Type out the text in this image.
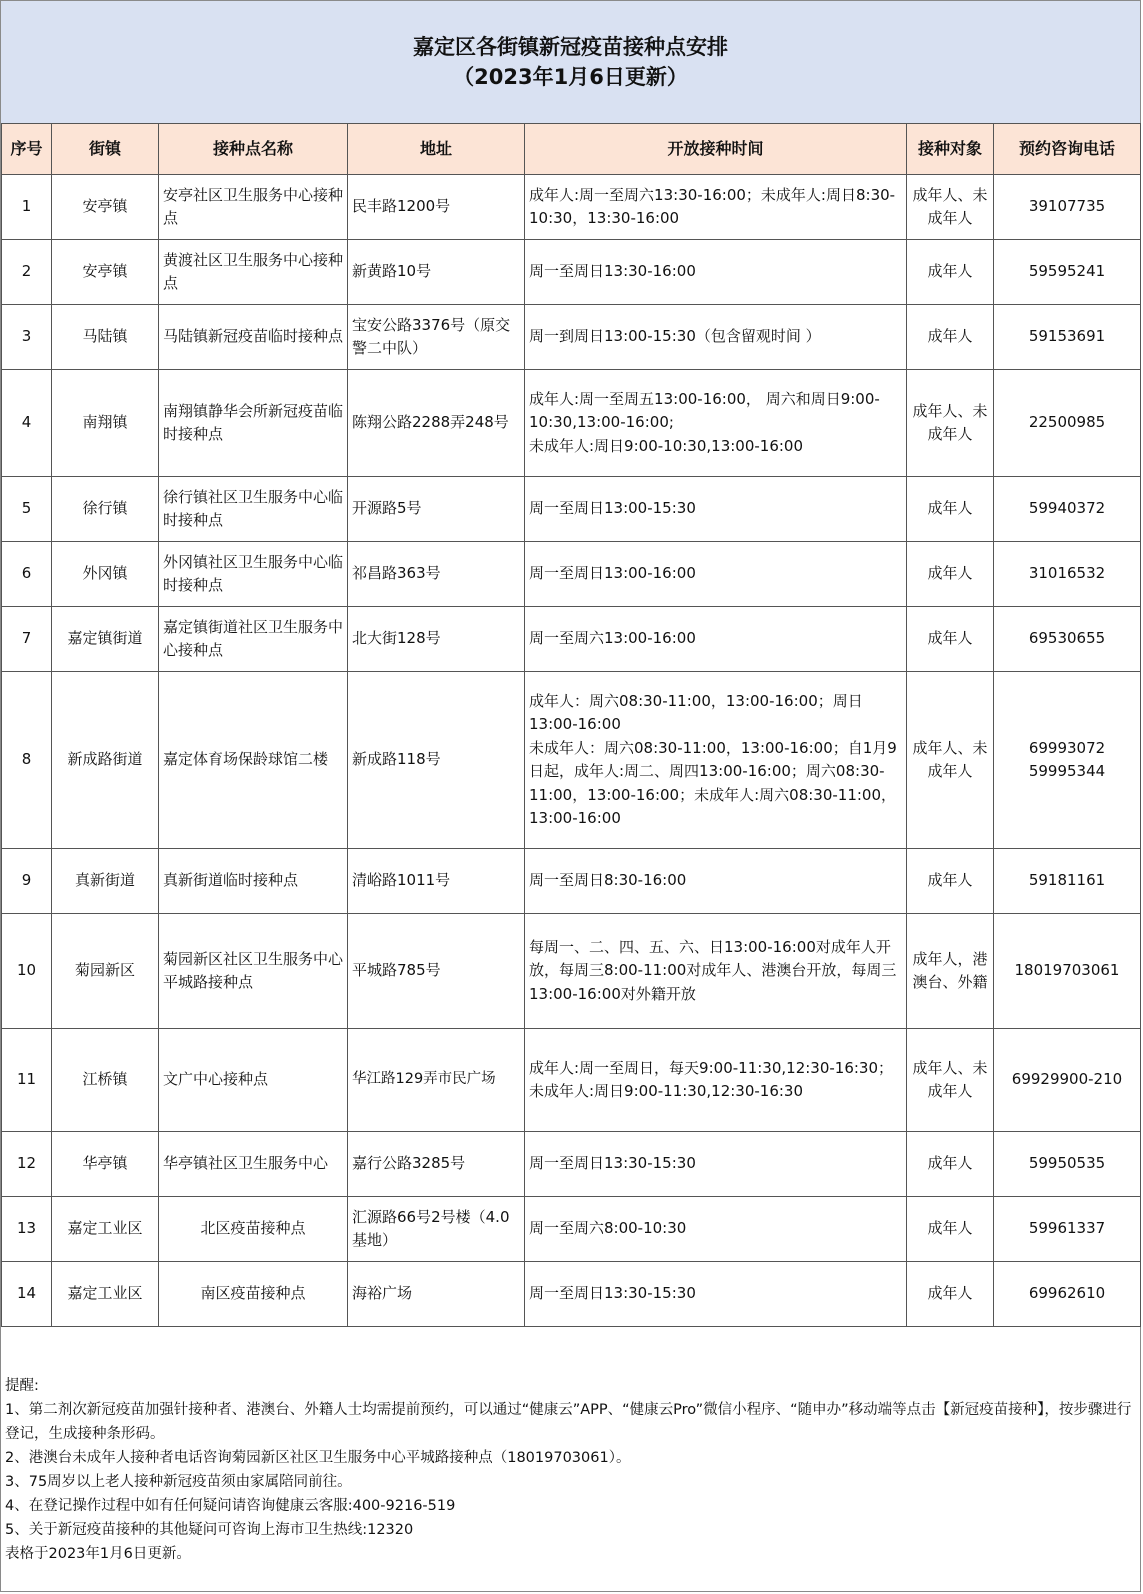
嘉定区各街镇新冠疫苗接种点安排
（2023年1月6日更新）
序号	街镇	接种点名称	地址	开放接种时间	接种对象	预约咨询电话
1	安亭镇	安亭社区卫生服务中心接种点	民丰路1200号	成年人:周一至周六13:30-16:00；未成年人:周日8:30-10:30，13:30-16:00	成年人、未成年人	39107735
2	安亭镇	黄渡社区卫生服务中心接种点	新黄路10号	周一至周日13:30-16:00	成年人	59595241
3	马陆镇	马陆镇新冠疫苗临时接种点	宝安公路3376号（原交警二中队）	周一到周日13:00-15:30（包含留观时间 ）	成年人	59153691
4	南翔镇	南翔镇静华会所新冠疫苗临时接种点	陈翔公路2288弄248号	成年人:周一至周五13:00-16:00， 周六和周日9:00-10:30,13:00-16:00;
未成年人:周日9:00-10:30,13:00-16:00	成年人、未成年人	22500985
5	徐行镇	徐行镇社区卫生服务中心临时接种点	开源路5号	周一至周日13:00-15:30	成年人	59940372
6	外冈镇	外冈镇社区卫生服务中心临时接种点	祁昌路363号	周一至周日13:00-16:00	成年人	31016532
7	嘉定镇街道	嘉定镇街道社区卫生服务中心接种点	北大街128号	周一至周六13:00-16:00	成年人	69530655
8	新成路街道	嘉定体育场保龄球馆二楼	新成路118号	成年人：周六08:30-11:00，13:00-16:00；周日13:00-16:00
未成年人：周六08:30-11:00，13:00-16:00；自1月9日起，成年人:周二、周四13:00-16:00；周六08:30-11:00，13:00-16:00；未成年人:周六08:30-11:00，13:00-16:00	成年人、未成年人	69993072
59995344
9	真新街道	真新街道临时接种点	清峪路1011号	周一至周日8:30-16:00	成年人	59181161
10	菊园新区	菊园新区社区卫生服务中心平城路接种点	平城路785号	每周一、二、四、五、六、日13:00-16:00对成年人开放，每周三8:00-11:00对成年人、港澳台开放，每周三13:00-16:00对外籍开放	成年人，港澳台、外籍	18019703061
11	江桥镇	文广中心接种点	华江路129弄市民广场	成年人:周一至周日，每天9:00-11:30,12:30-16:30；未成年人:周日9:00-11:30,12:30-16:30	成年人、未成年人	69929900-210
12	华亭镇	华亭镇社区卫生服务中心	嘉行公路3285号	周一至周日13:30-15:30	成年人	59950535
13	嘉定工业区	北区疫苗接种点	汇源路66号2号楼（4.0基地）	周一至周六8:00-10:30	成年人	59961337
14	嘉定工业区	南区疫苗接种点	海裕广场	周一至周日13:30-15:30	成年人	69962610
提醒:
1、第二剂次新冠疫苗加强针接种者、港澳台、外籍人士均需提前预约，可以通过“健康云”APP、“健康云Pro”微信小程序、“随申办”移动端等点击【新冠疫苗接种】，按步骤进行登记，生成接种条形码。
2、港澳台未成年人接种者电话咨询菊园新区社区卫生服务中心平城路接种点（18019703061）。
3、75周岁以上老人接种新冠疫苗须由家属陪同前往。
4、在登记操作过程中如有任何疑问请咨询健康云客服:400-9216-519
5、关于新冠疫苗接种的其他疑问可咨询上海市卫生热线:12320
表格于2023年1月6日更新。
